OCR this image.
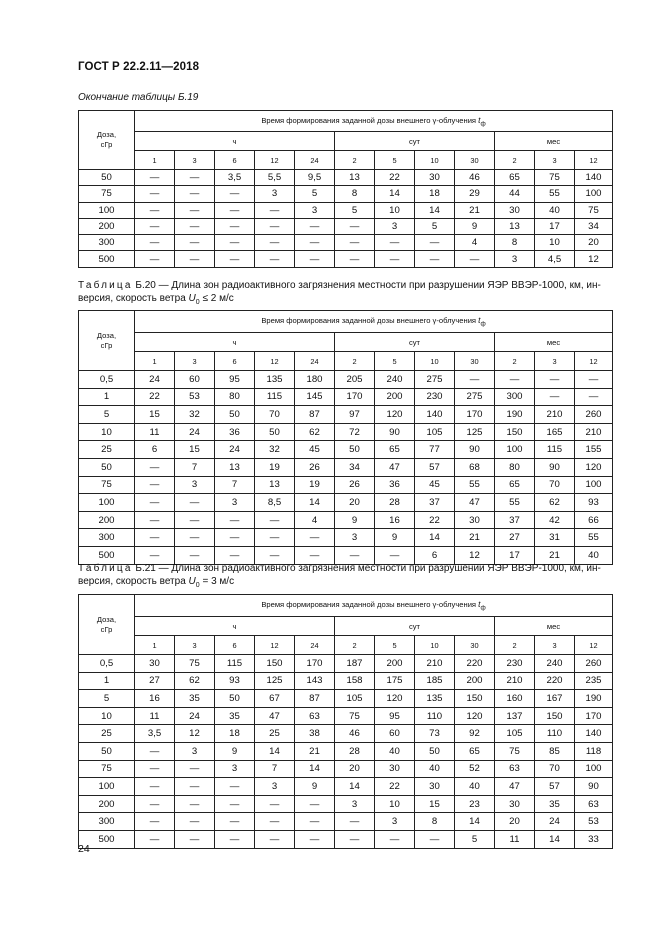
ГОСТ Р 22.2.11—2018
Окончание таблицы Б.19
Доза,
сГр	Время формирования заданной дозы внешнего γ-облучения $t_ф$
	ч					сут				мес		
	1	3	6	12	24	2	5	10	30	2	3	12
50	—	—	3,5	5,5	9,5	13	22	30	46	65	75	140
75	—	—	—	3	5	8	14	18	29	44	55	100
100	—	—	—	—	3	5	10	14	21	30	40	75
200	—	—	—	—	—	—	3	5	9	13	17	34
300	—	—	—	—	—	—	—	—	4	8	10	20
500	—	—	—	—	—	—	—	—	—	3	4,5	12
Таблица Б.20 — Длина зон радиоактивного загрязнения местности при разрушении ЯЭР ВВЭР-1000, км, ин-
версия, скорость ветра $U_0 \le 2$ м/с
Доза,
сГр	Время формирования заданной дозы внешнего γ-облучения $t_ф$
	ч					сут				мес		
	1	3	6	12	24	2	5	10	30	2	3	12
0,5	24	60	95	135	180	205	240	275	—	—	—	—
1	22	53	80	115	145	170	200	230	275	300	—	—
5	15	32	50	70	87	97	120	140	170	190	210	260
10	11	24	36	50	62	72	90	105	125	150	165	210
25	6	15	24	32	45	50	65	77	90	100	115	155
50	—	7	13	19	26	34	47	57	68	80	90	120
75	—	3	7	13	19	26	36	45	55	65	70	100
100	—	—	3	8,5	14	20	28	37	47	55	62	93
200	—	—	—	—	4	9	16	22	30	37	42	66
300	—	—	—	—	—	3	9	14	21	27	31	55
500	—	—	—	—	—	—	—	6	12	17	21	40
Таблица Б.21 — Длина зон радиоактивного загрязнения местности при разрушении ЯЭР ВВЭР-1000, км, ин-
версия, скорость ветра $U_0 = 3$ м/с
Доза,
сГр	Время формирования заданной дозы внешнего γ-облучения $t_ф$
	ч					сут				мес		
	1	3	6	12	24	2	5	10	30	2	3	12
0,5	30	75	115	150	170	187	200	210	220	230	240	260
1	27	62	93	125	143	158	175	185	200	210	220	235
5	16	35	50	67	87	105	120	135	150	160	167	190
10	11	24	35	47	63	75	95	110	120	137	150	170
25	3,5	12	18	25	38	46	60	73	92	105	110	140
50	—	3	9	14	21	28	40	50	65	75	85	118
75	—	—	3	7	14	20	30	40	52	63	70	100
100	—	—	—	3	9	14	22	30	40	47	57	90
200	—	—	—	—	—	3	10	15	23	30	35	63
300	—	—	—	—	—	—	3	8	14	20	24	53
500	—	—	—	—	—	—	—	—	5	11	14	33
24
